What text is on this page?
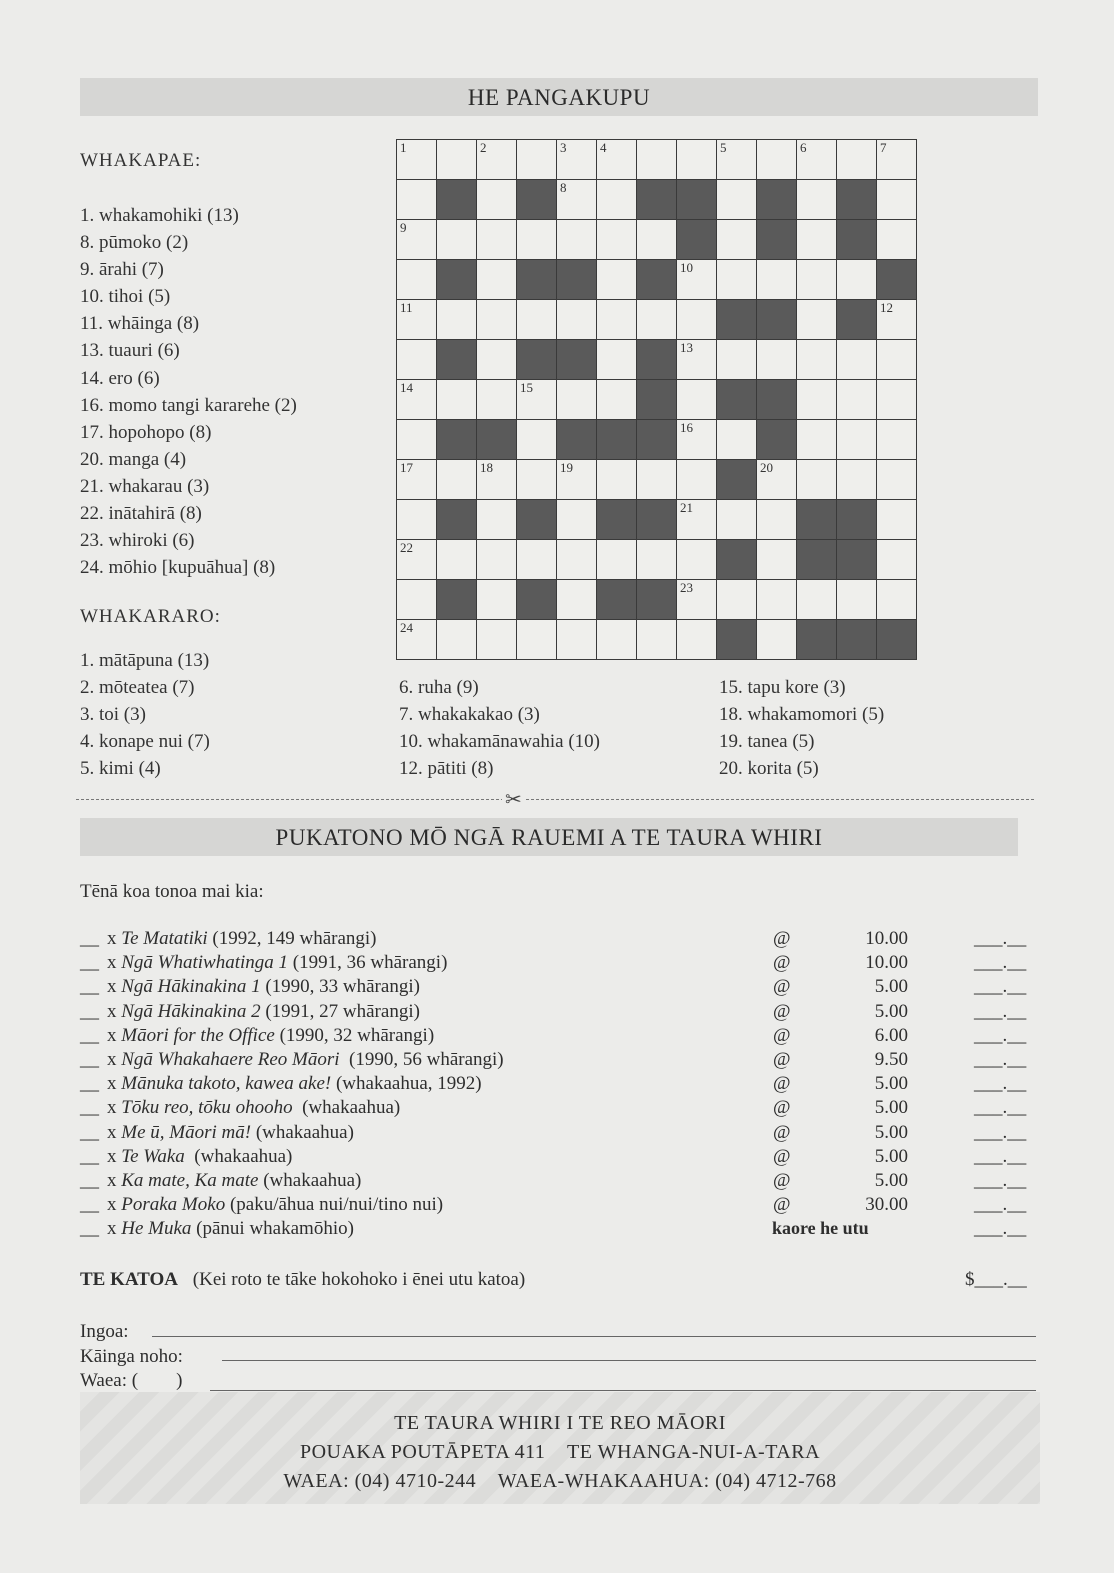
HE PANGAKUPU
WHAKAPAE:
1. whakamohiki (13)
8. pūmoko (2)
9. ārahi (7)
10. tihoi (5)
11. whāinga (8)
13. tuauri (6)
14. ero (6)
16. momo tangi kararehe (2)
17. hopohopo (8)
20. manga (4)
21. whakarau (3)
22. inātahirā (8)
23. whiroki (6)
24. mōhio [kupuāhua] (8)
1	2	3	4	5	6	7
8
9
10
11	12
13
14	15
16
17	18	19	20
21
22
23
24
WHAKARARO:
1. mātāpuna (13)
2. mōteatea (7)
3. toi (3)
4. konape nui (7)
5. kimi (4)
6. ruha (9)
7. whakakakao (3)
10. whakamānawahia (10)
12. pātiti (8)
15. tapu kore (3)
18. whakamomori (5)
19. tanea (5)
20. korita (5)
✂
PUKATONO MŌ NGĀ RAUEMI A TE TAURA WHIRI
Tēnā koa tonoa mai kia:
__ x Te Matatiki (1992, 149 whārangi)	@	10.00	___.__
__ x Ngā Whatiwhatinga 1 (1991, 36 whārangi)	@	10.00	___.__
__ x Ngā Hākinakina 1 (1990, 33 whārangi)	@	5.00	___.__
__ x Ngā Hākinakina 2 (1991, 27 whārangi)	@	5.00	___.__
__ x Māori for the Office (1990, 32 whārangi)	@	6.00	___.__
__ x Ngā Whakahaere Reo Māori  (1990, 56 whārangi)	@	9.50	___.__
__ x Mānuka takoto, kawea ake! (whakaahua, 1992)	@	5.00	___.__
__ x Tōku reo, tōku ohooho  (whakaahua)	@	5.00	___.__
__ x Me ū, Māori mā! (whakaahua)	@	5.00	___.__
__ x Te Waka  (whakaahua)	@	5.00	___.__
__ x Ka mate, Ka mate (whakaahua)	@	5.00	___.__
__ x Poraka Moko (paku/āhua nui/nui/tino nui)	@	30.00	___.__
__ x He Muka (pānui whakamōhio)	kaore he utu	___.__
TE KATOA (Kei roto te tāke hokohoko i ēnei utu katoa)	$___.__
Ingoa:
Kāinga noho:
Waea: (        )
TE TAURA WHIRI I TE REO MĀORI
POUAKA POUTĀPETA 411    TE WHANGA-NUI-A-TARA
WAEA: (04) 4710-244    WAEA-WHAKAAHUA: (04) 4712-768
